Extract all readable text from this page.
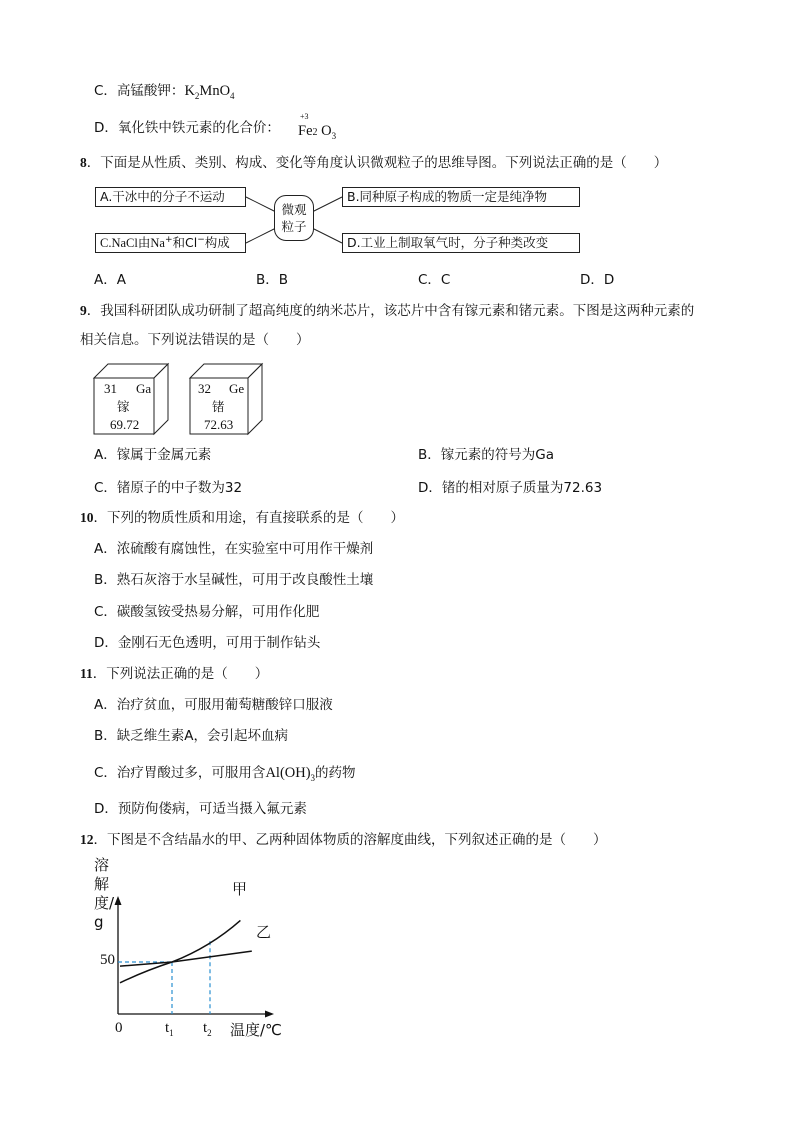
C．高锰酸钾：$K_2MnO_4$
D．氧化铁中铁元素的化合价：
+3
Fe2 $O_3$
8．下面是从性质、类别、构成、变化等角度认识微观粒子的思维导图。下列说法正确的是（　　）
A.干冰中的分子不运动	B.同种原子构成的物质一定是纯净物
C.NaCl由Na+和Cl−构成	D.工业上制取氧气时，分子种类改变
微观
粒子
A．A	B．B	C．C	D．D
9．我国科研团队成功研制了超高纯度的纳米芯片，该芯片中含有镓元素和锗元素。下图是这两种元素的
相关信息。下列说法错误的是（　　）
31 Ga
镓
69.72
32 Ge
锗
72.63
A．镓属于金属元素	B．镓元素的符号为Ga
C．锗原子的中子数为32	D．锗的相对原子质量为72.63
10．下列的物质性质和用途，有直接联系的是（　　）
A．浓硫酸有腐蚀性，在实验室中可用作干燥剂
B．熟石灰溶于水呈碱性，可用于改良酸性土壤
C．碳酸氢铵受热易分解，可用作化肥
D．金刚石无色透明，可用于制作钻头
11．下列说法正确的是（　　）
A．治疗贫血，可服用葡萄糖酸锌口服液
B．缺乏维生素A，会引起坏血病
C．治疗胃酸过多，可服用含$Al(OH)_3$的药物
D．预防佝偻病，可适当摄入氟元素
12．下图是不含结晶水的甲、乙两种固体物质的溶解度曲线，下列叙述正确的是（　　）
溶解度/g
温度/℃
50
0	$t_1$ $t_2$
甲
乙
